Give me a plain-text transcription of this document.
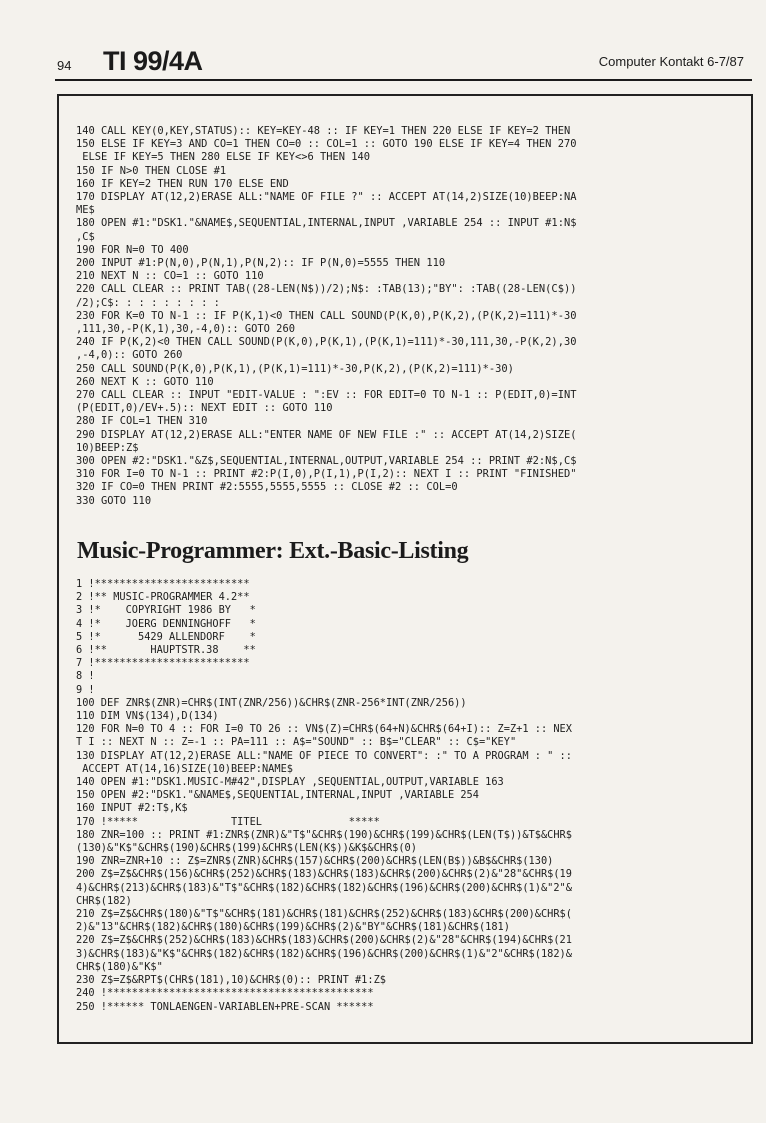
94 TI 99/4A	Computer Kontakt 6-7/87
140 CALL KEY(0,KEY,STATUS):: KEY=KEY-48 :: IF KEY=1 THEN 220 ELSE IF KEY=2 THEN
150 ELSE IF KEY=3 AND CO=1 THEN CO=0 :: COL=1 :: GOTO 190 ELSE IF KEY=4 THEN 270
ELSE IF KEY=5 THEN 280 ELSE IF KEY<>6 THEN 140
150 IF N>0 THEN CLOSE #1
160 IF KEY=2 THEN RUN 170 ELSE END
170 DISPLAY AT(12,2)ERASE ALL:"NAME OF FILE ?" :: ACCEPT AT(14,2)SIZE(10)BEEP:NA
ME$
180 OPEN #1:"DSK1."&NAME$,SEQUENTIAL,INTERNAL,INPUT ,VARIABLE 254 :: INPUT #1:N$
,C$
190 FOR N=0 TO 400
200 INPUT #1:P(N,0),P(N,1),P(N,2):: IF P(N,0)=5555 THEN 110
210 NEXT N :: CO=1 :: GOTO 110
220 CALL CLEAR :: PRINT TAB((28-LEN(N$))/2);N$: :TAB(13);"BY": :TAB((28-LEN(C$))
/2);C$: : : : : : : : :
230 FOR K=0 TO N-1 :: IF P(K,1)<0 THEN CALL SOUND(P(K,0),P(K,2),(P(K,2)=111)*-30
,111,30,-P(K,1),30,-4,0):: GOTO 260
240 IF P(K,2)<0 THEN CALL SOUND(P(K,0),P(K,1),(P(K,1)=111)*-30,111,30,-P(K,2),30
,-4,0):: GOTO 260
250 CALL SOUND(P(K,0),P(K,1),(P(K,1)=111)*-30,P(K,2),(P(K,2)=111)*-30)
260 NEXT K :: GOTO 110
270 CALL CLEAR :: INPUT "EDIT-VALUE : ":EV :: FOR EDIT=0 TO N-1 :: P(EDIT,0)=INT
(P(EDIT,0)/EV+.5):: NEXT EDIT :: GOTO 110
280 IF COL=1 THEN 310
290 DISPLAY AT(12,2)ERASE ALL:"ENTER NAME OF NEW FILE :" :: ACCEPT AT(14,2)SIZE(
10)BEEP:Z$
300 OPEN #2:"DSK1."&Z$,SEQUENTIAL,INTERNAL,OUTPUT,VARIABLE 254 :: PRINT #2:N$,C$
310 FOR I=0 TO N-1 :: PRINT #2:P(I,0),P(I,1),P(I,2):: NEXT I :: PRINT "FINISHED"
320 IF CO=0 THEN PRINT #2:5555,5555,5555 :: CLOSE #2 :: COL=0
330 GOTO 110
Music-Programmer: Ext.-Basic-Listing
1 !*************************
2 !** MUSIC-PROGRAMMER 4.2**
3 !*    COPYRIGHT 1986 BY   *
4 !*    JOERG DENNINGHOFF   *
5 !*      5429 ALLENDORF    *
6 !**       HAUPTSTR.38    **
7 !*************************
8 !
9 !
100 DEF ZNR$(ZNR)=CHR$(INT(ZNR/256))&CHR$(ZNR-256*INT(ZNR/256))
110 DIM VN$(134),D(134)
120 FOR N=0 TO 4 :: FOR I=0 TO 26 :: VN$(Z)=CHR$(64+N)&CHR$(64+I):: Z=Z+1 :: NEX
T I :: NEXT N :: Z=-1 :: PA=111 :: A$="SOUND" :: B$="CLEAR" :: C$="KEY"
130 DISPLAY AT(12,2)ERASE ALL:"NAME OF PIECE TO CONVERT": :" TO A PROGRAM : " ::
ACCEPT AT(14,16)SIZE(10)BEEP:NAME$
140 OPEN #1:"DSK1.MUSIC-M#42",DISPLAY ,SEQUENTIAL,OUTPUT,VARIABLE 163
150 OPEN #2:"DSK1."&NAME$,SEQUENTIAL,INTERNAL,INPUT ,VARIABLE 254
160 INPUT #2:T$,K$
170 !*****               TITEL              *****
180 ZNR=100 :: PRINT #1:ZNR$(ZNR)&"T$"&CHR$(190)&CHR$(199)&CHR$(LEN(T$))&T$&CHR$
(130)&"K$"&CHR$(190)&CHR$(199)&CHR$(LEN(K$))&K$&CHR$(0)
190 ZNR=ZNR+10 :: Z$=ZNR$(ZNR)&CHR$(157)&CHR$(200)&CHR$(LEN(B$))&B$&CHR$(130)
200 Z$=Z$&CHR$(156)&CHR$(252)&CHR$(183)&CHR$(183)&CHR$(200)&CHR$(2)&"28"&CHR$(19
4)&CHR$(213)&CHR$(183)&"T$"&CHR$(182)&CHR$(182)&CHR$(196)&CHR$(200)&CHR$(1)&"2"&
CHR$(182)
210 Z$=Z$&CHR$(180)&"T$"&CHR$(181)&CHR$(181)&CHR$(252)&CHR$(183)&CHR$(200)&CHR$(
2)&"13"&CHR$(182)&CHR$(180)&CHR$(199)&CHR$(2)&"BY"&CHR$(181)&CHR$(181)
220 Z$=Z$&CHR$(252)&CHR$(183)&CHR$(183)&CHR$(200)&CHR$(2)&"28"&CHR$(194)&CHR$(21
3)&CHR$(183)&"K$"&CHR$(182)&CHR$(182)&CHR$(196)&CHR$(200)&CHR$(1)&"2"&CHR$(182)&
CHR$(180)&"K$"
230 Z$=Z$&RPT$(CHR$(181),10)&CHR$(0):: PRINT #1:Z$
240 !*******************************************
250 !****** TONLAENGEN-VARIABLEN+PRE-SCAN ******
